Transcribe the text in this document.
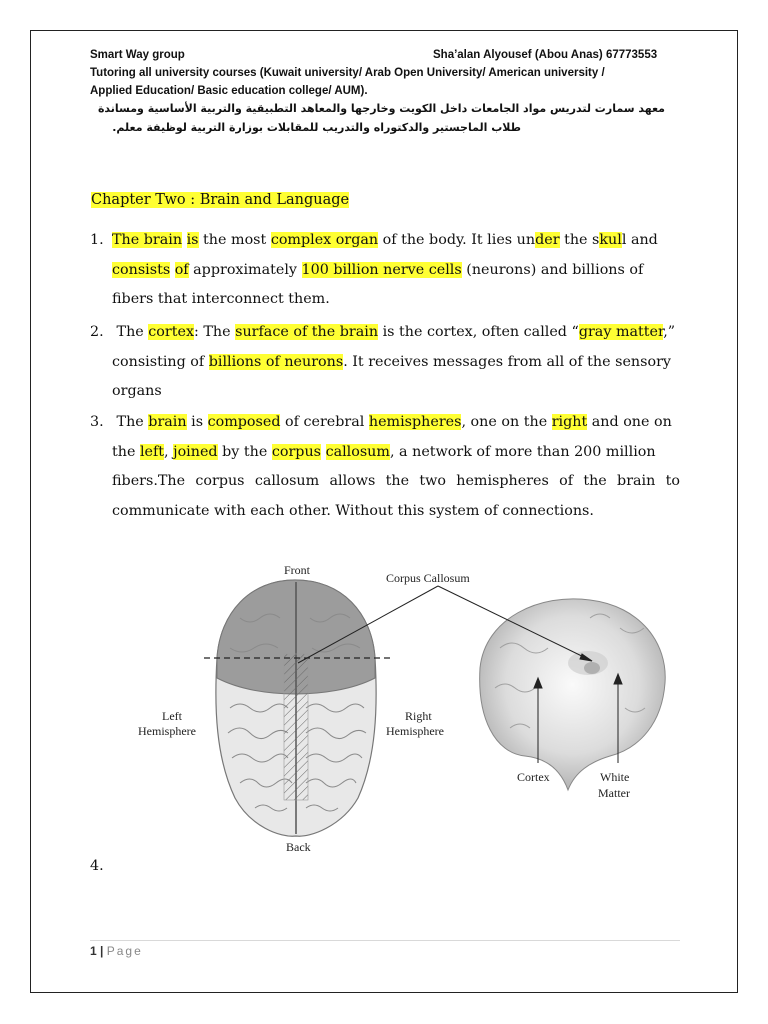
Smart Way group	Sha’alan Alyousef (Abou Anas) 67773553
Tutoring all university courses (Kuwait university/ Arab Open University/ American university /
Applied Education/ Basic education college/ AUM).
معهد سمارت لتدريس مواد الجامعات داخل الكويت وخارجها والمعاهد التطبيقية والتربية الأساسية ومساندة
طلاب الماجستير والدكتوراه والتدريب للمقابلات بوزارة التربية لوظيفة معلم.
Chapter Two : Brain and Language
1. The brain is the most complex organ of the body. It lies under the skull and
consists of approximately 100 billion nerve cells (neurons) and billions of
fibers that interconnect them.
2. The cortex: The surface of the brain is the cortex, often called “gray matter,”
consisting of billions of neurons. It receives messages from all of the sensory
organs
3. The brain is composed of cerebral hemispheres, one on the right and one on
the left, joined by the corpus callosum, a network of more than 200 million
fibers.The corpus callosum allows the two hemispheres of the brain to
communicate with each other. Without this system of connections.
Front
Corpus Callosum
Left
Hemisphere
Right
Hemisphere
Cortex	White
Matter
Back
4.
1 | Page
